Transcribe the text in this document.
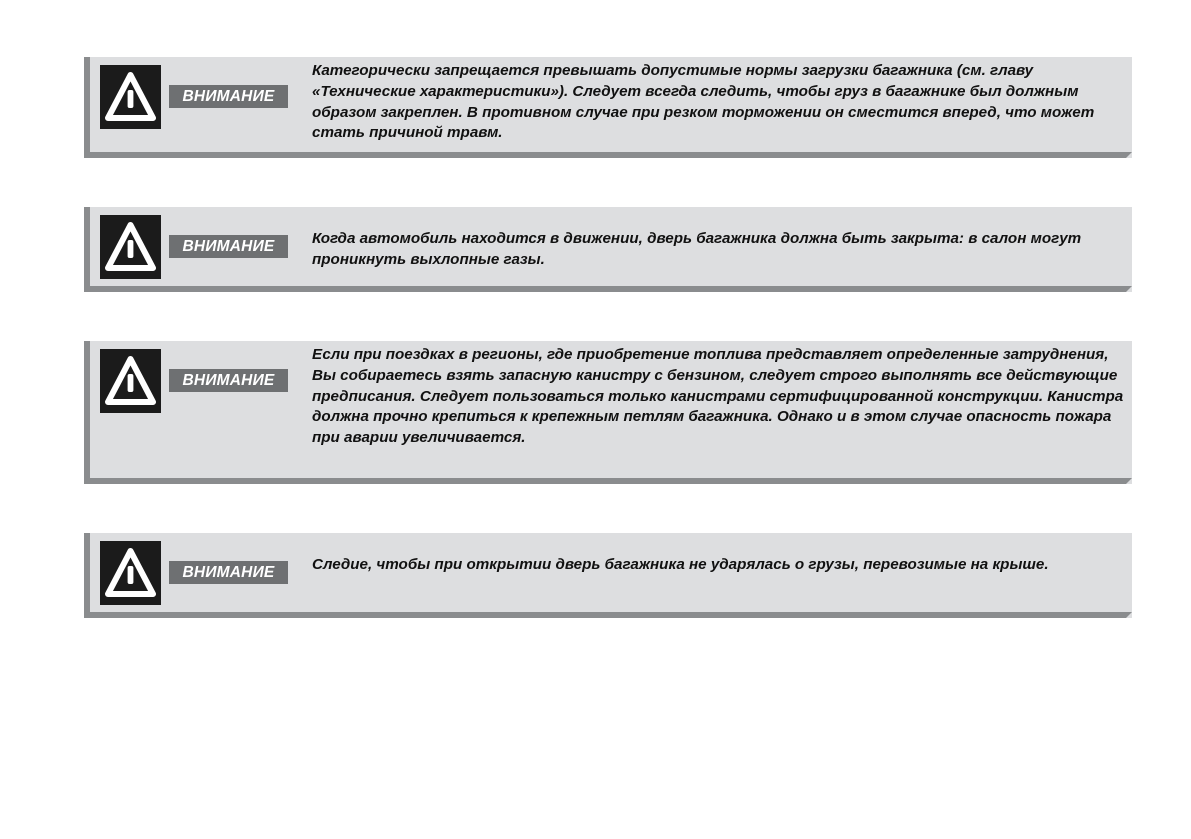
ВНИМАНИЕ

Категорически запрещается превышать допустимые нормы загрузки багажника (см. главу «Технические характеристики»). Следует всегда следить, чтобы груз в багажнике был должным образом закреплен. В противном случае при резком торможении он сместится вперед, что может стать причиной травм.

ВНИМАНИЕ	Когда автомобиль находится в движении, дверь багажника должна быть закрыта: в салон могут проникнуть выхлопные газы.

ВНИМАНИЕ

Если при поездках в регионы, где приобретение топлива представляет определенные затруднения, Вы собираетесь взять запасную канистру с бензином, следует строго выполнять все действующие предписания. Следует пользоваться только канистрами сертифицированной конструкции. Канистра должна прочно крепиться к крепежным петлям багажника. Однако и в этом случае опасность пожара при аварии увеличивается.

ВНИМАНИЕ	Следие, чтобы при открытии дверь багажника не ударялась о грузы, перевозимые на крыше.
